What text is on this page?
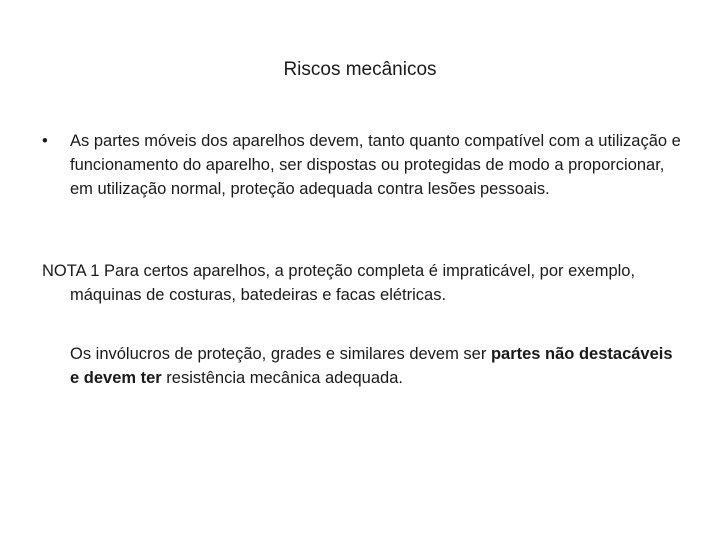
Riscos mecânicos
•	As partes móveis dos aparelhos devem, tanto quanto compatível com a utilização e funcionamento do aparelho, ser dispostas ou protegidas de modo a proporcionar, em utilização normal, proteção adequada contra lesões pessoais.
NOTA 1 Para certos aparelhos, a proteção completa é impraticável, por exemplo, máquinas de costuras, batedeiras e facas elétricas.
Os invólucros de proteção, grades e similares devem ser partes não destacáveis e devem ter resistência mecânica adequada.
